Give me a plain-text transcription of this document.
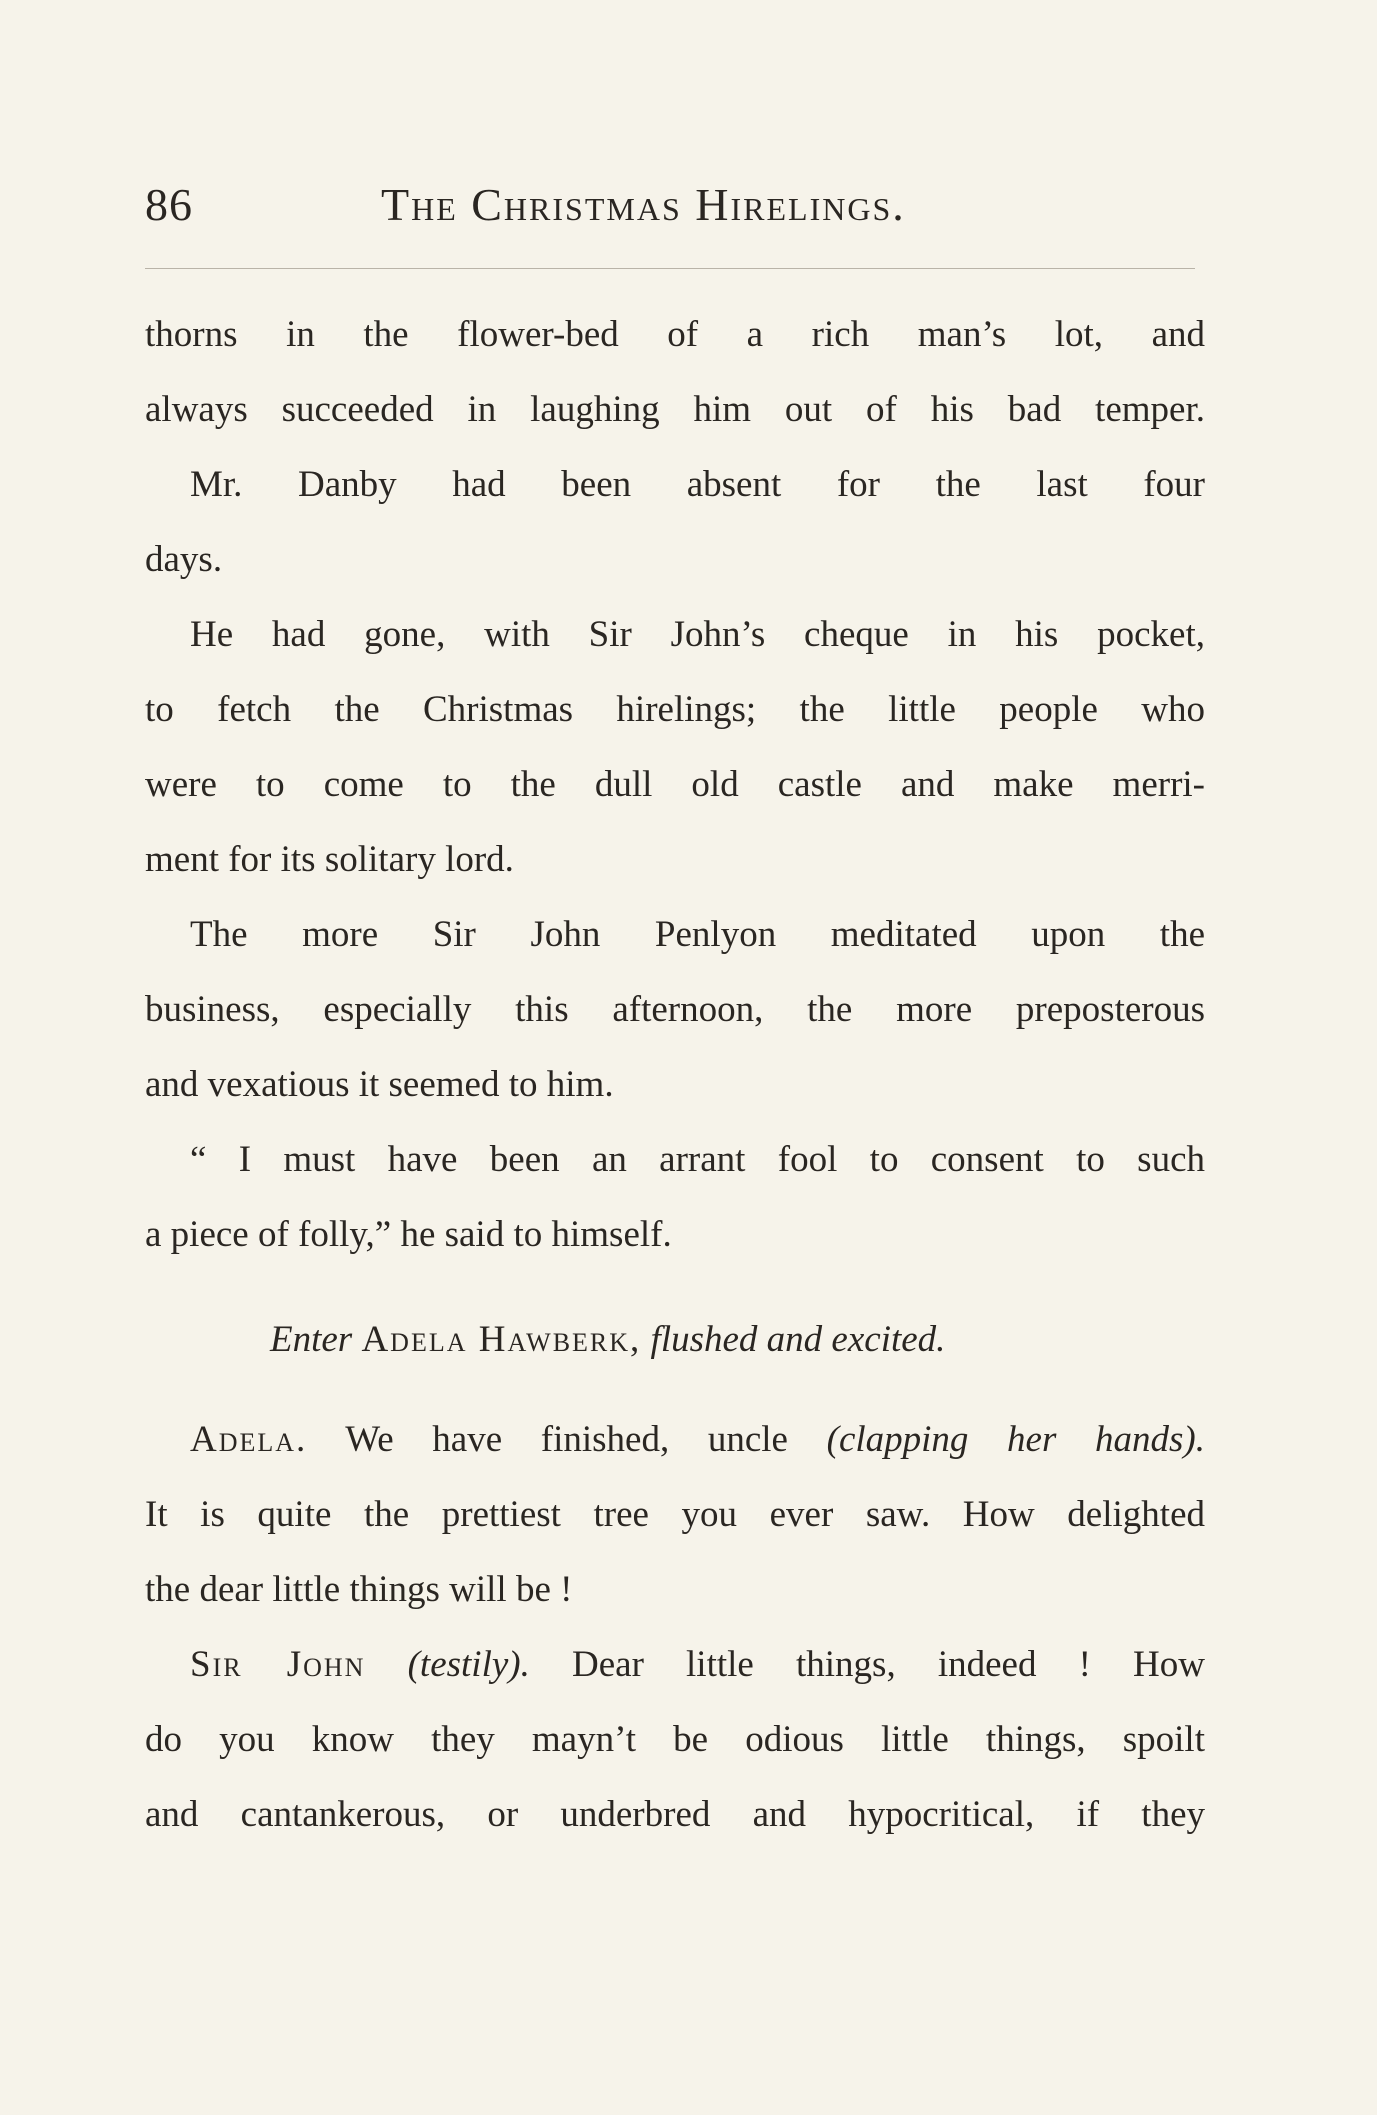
86	The Christmas Hirelings.
thorns in the flower-bed of a rich man’s lot, and
always succeeded in laughing him out of his bad temper.
Mr. Danby had been absent for the last four
days.
He had gone, with Sir John’s cheque in his pocket,
to fetch the Christmas hirelings; the little people who
were to come to the dull old castle and make merri-
ment for its solitary lord.
The more Sir John Penlyon meditated upon the
business, especially this afternoon, the more preposterous
and vexatious it seemed to him.
“ I must have been an arrant fool to consent to such
a piece of folly,” he said to himself.
Enter Adela Hawberk, flushed and excited.
Adela. We have finished, uncle (clapping her hands).
It is quite the prettiest tree you ever saw. How delighted
the dear little things will be !
Sir John (testily). Dear little things, indeed ! How
do you know they mayn’t be odious little things, spoilt
and cantankerous, or underbred and hypocritical, if they
